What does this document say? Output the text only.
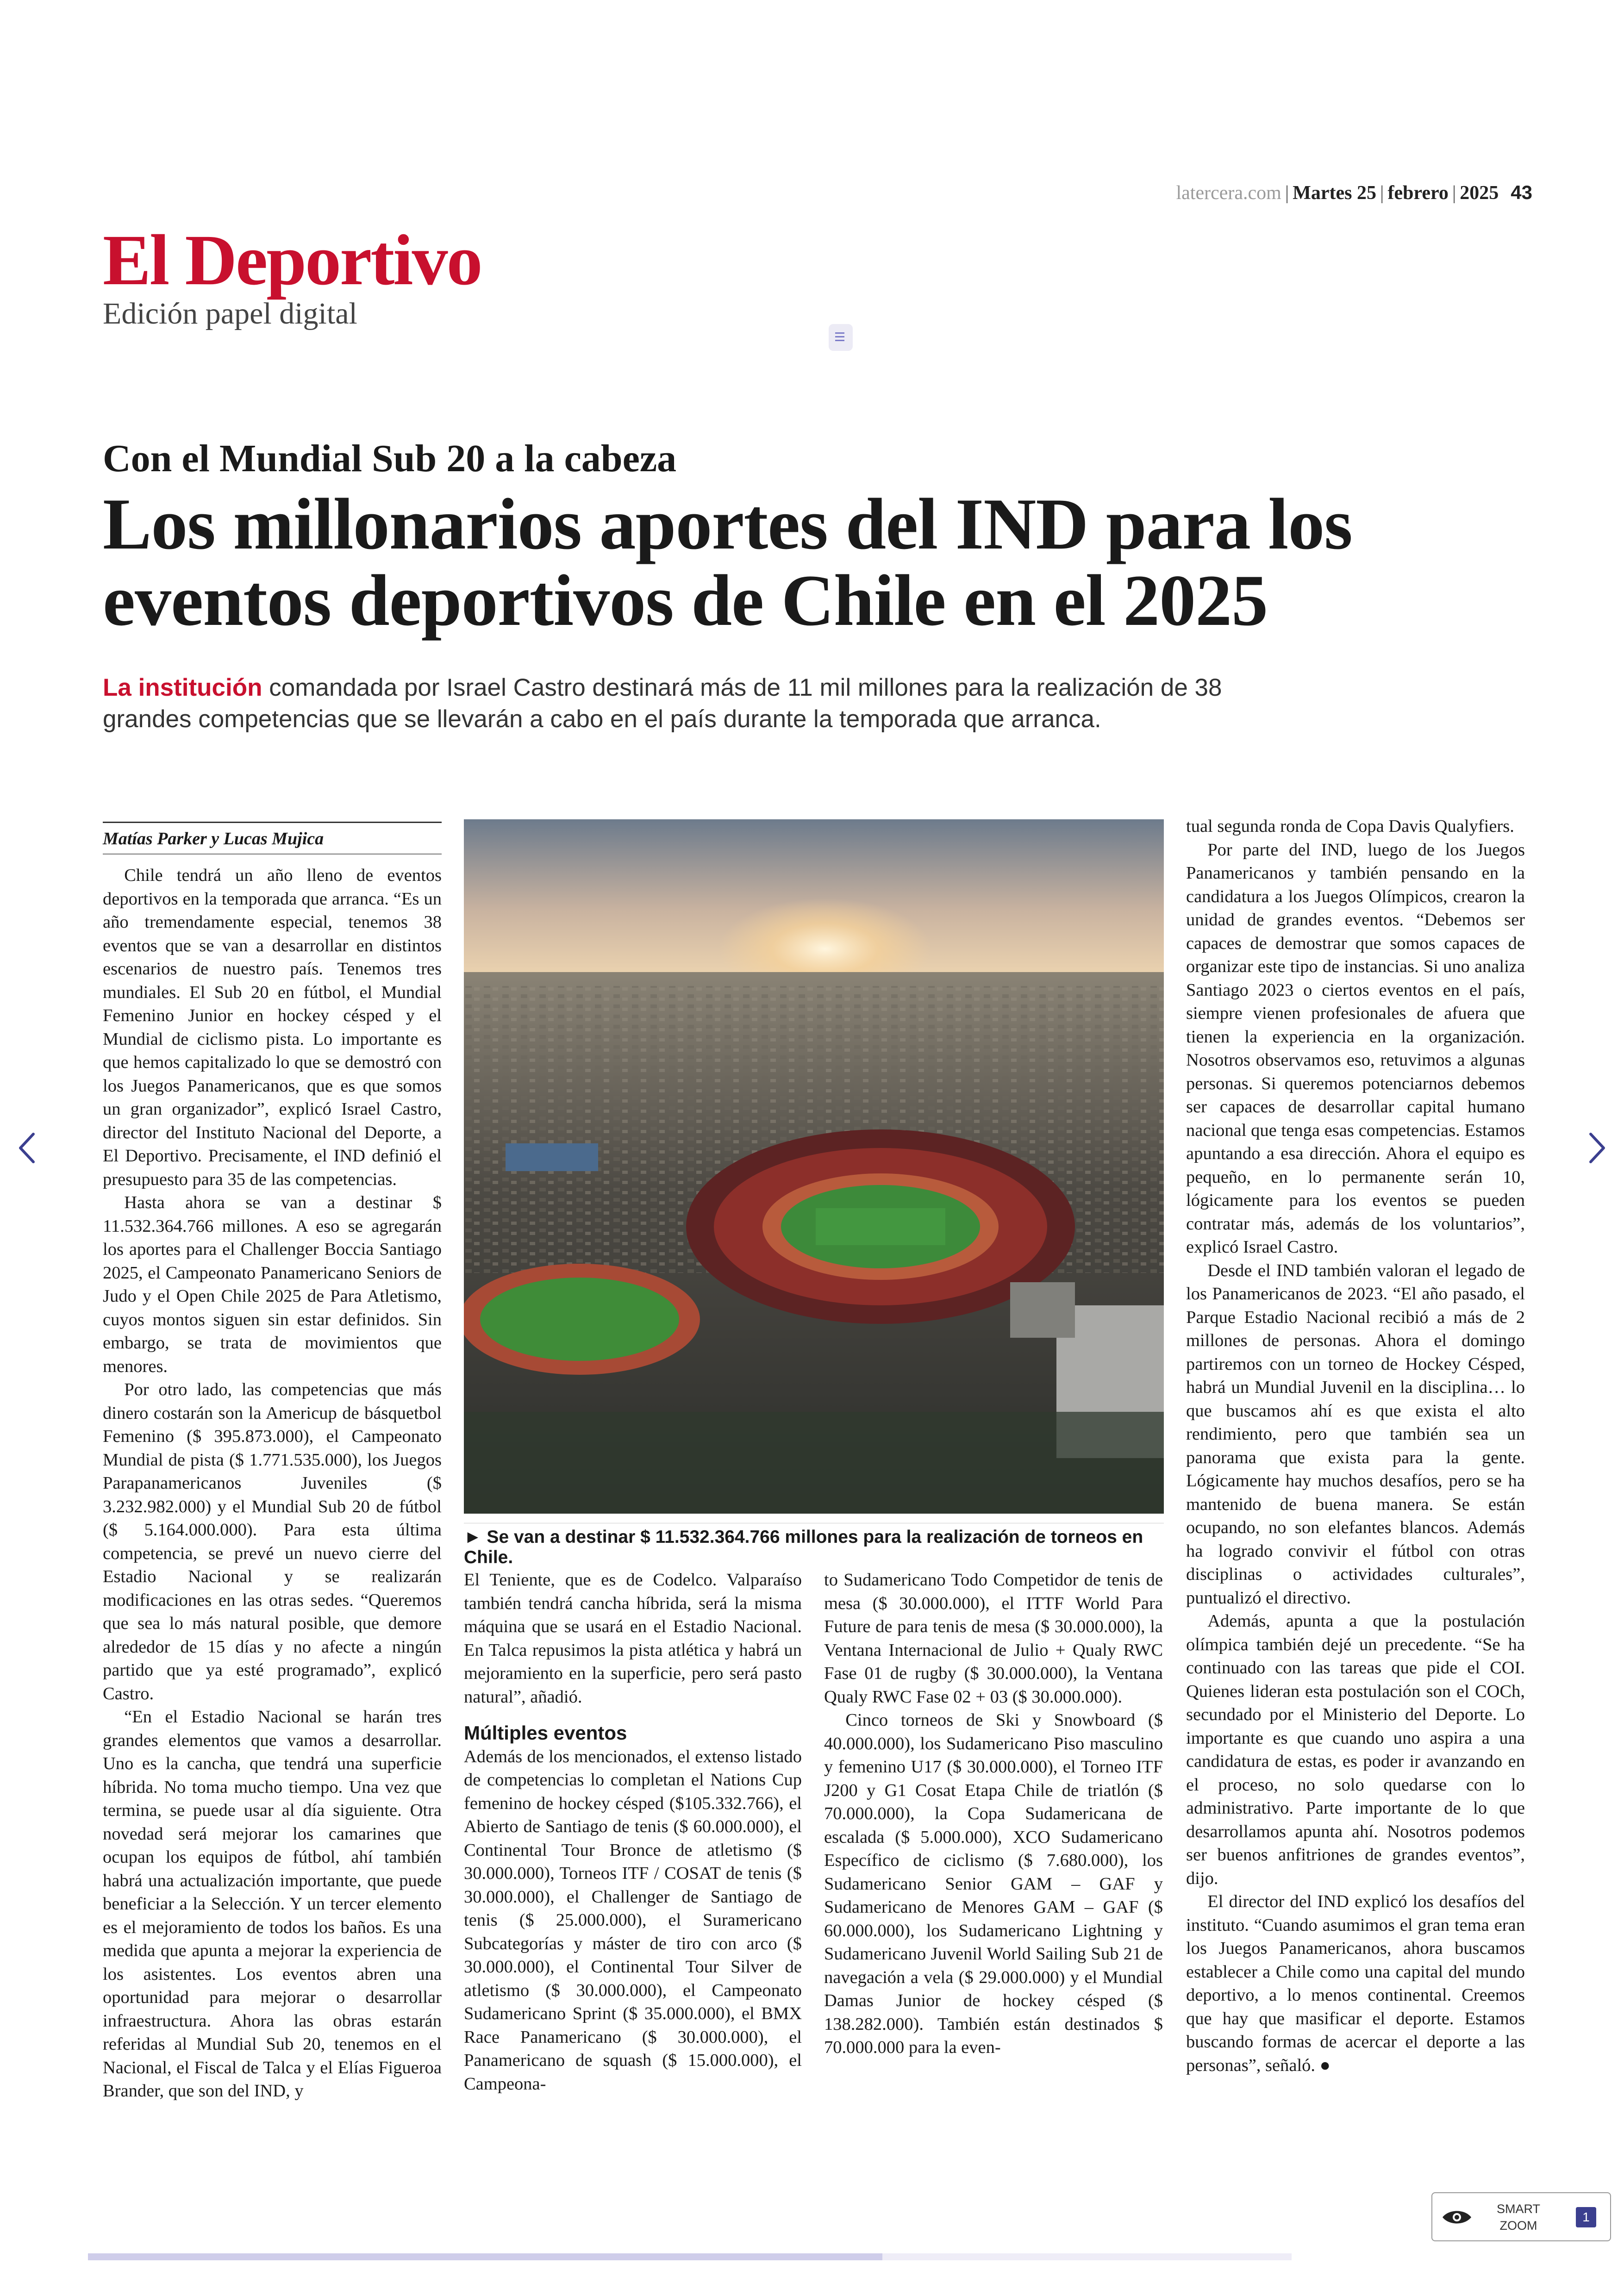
latercera.com | Martes 25 | febrero | 2025 43
El Deportivo
Edición papel digital
Con el Mundial Sub 20 a la cabeza
Los millonarios aportes del IND para los eventos deportivos de Chile en el 2025
La institución comandada por Israel Castro destinará más de 11 mil millones para la realización de 38 grandes competencias que se llevarán a cabo en el país durante la temporada que arranca.
Matías Parker y Lucas Mujica

Chile tendrá un año lleno de eventos deportivos en la temporada que arranca. “Es un año tremendamente especial, tenemos 38 eventos que se van a desarrollar en distintos escenarios de nuestro país. Tenemos tres mundiales. El Sub 20 en fútbol, el Mundial Femenino Junior en hockey césped y el Mundial de ciclismo pista. Lo importante es que hemos capitalizado lo que se demostró con los Juegos Panamericanos, que es que somos un gran organizador”, explicó Israel Castro, director del Instituto Nacional del Deporte, a El Deportivo. Precisamente, el IND definió el presupuesto para 35 de las competencias.

Hasta ahora se van a destinar $ 11.532.364.766 millones. A eso se agregarán los aportes para el Challenger Boccia Santiago 2025, el Campeonato Panamericano Seniors de Judo y el Open Chile 2025 de Para Atletismo, cuyos montos siguen sin estar definidos. Sin embargo, se trata de movimientos que menores.

Por otro lado, las competencias que más dinero costarán son la Americup de básquetbol Femenino ($ 395.873.000), el Campeonato Mundial de pista ($ 1.771.535.000), los Juegos Parapanamericanos Juveniles ($ 3.232.982.000) y el Mundial Sub 20 de fútbol ($ 5.164.000.000). Para esta última competencia, se prevé un nuevo cierre del Estadio Nacional y se realizarán modificaciones en las otras sedes. “Queremos que sea lo más natural posible, que demore alrededor de 15 días y no afecte a ningún partido que ya esté programado”, explicó Castro.

“En el Estadio Nacional se harán tres grandes elementos que vamos a desarrollar. Uno es la cancha, que tendrá una superficie híbrida. No toma mucho tiempo. Una vez que termina, se puede usar al día siguiente. Otra novedad será mejorar los camarines que ocupan los equipos de fútbol, ahí también habrá una actualización importante, que puede beneficiar a la Selección. Y un tercer elemento es el mejoramiento de todos los baños. Es una medida que apunta a mejorar la experiencia de los asistentes. Los eventos abren una oportunidad para mejorar o desarrollar infraestructura. Ahora las obras estarán referidas al Mundial Sub 20, tenemos en el Nacional, el Fiscal de Talca y el Elías Figueroa Brander, que son del IND, y

► Se van a destinar $ 11.532.364.766 millones para la realización de torneos en Chile.

El Teniente, que es de Codelco. Valparaíso también tendrá cancha híbrida, será la misma máquina que se usará en el Estadio Nacional. En Talca repusimos la pista atlética y habrá un mejoramiento en la superficie, pero será pasto natural”, añadió.

Múltiples eventos

Además de los mencionados, el extenso listado de competencias lo completan el Nations Cup femenino de hockey césped ($105.332.766), el Abierto de Santiago de tenis ($ 60.000.000), el Continental Tour Bronce de atletismo ($ 30.000.000), Torneos ITF / COSAT de tenis ($ 30.000.000), el Challenger de Santiago de tenis ($ 25.000.000), el Suramericano Subcategorías y máster de tiro con arco ($ 30.000.000), el Continental Tour Silver de atletismo ($ 30.000.000), el Campeonato Sudamericano Sprint ($ 35.000.000), el BMX Race Panamericano ($ 30.000.000), el Panamericano de squash ($ 15.000.000), el Campeona-

to Sudamericano Todo Competidor de tenis de mesa ($ 30.000.000), el ITTF World Para Future de para tenis de mesa ($ 30.000.000), la Ventana Internacional de Julio + Qualy RWC Fase 01 de rugby ($ 30.000.000), la Ventana Qualy RWC Fase 02 + 03 ($ 30.000.000).

Cinco torneos de Ski y Snowboard ($ 40.000.000), los Sudamericano Piso masculino y femenino U17 ($ 30.000.000), el Torneo ITF J200 y G1 Cosat Etapa Chile de triatlón ($ 70.000.000), la Copa Sudamericana de escalada ($ 5.000.000), XCO Sudamericano Específico de ciclismo ($ 7.680.000), los Sudamericano Senior GAM – GAF y Sudamericano de Menores GAM – GAF ($ 60.000.000), los Sudamericano Lightning y Sudamericano Juvenil World Sailing Sub 21 de navegación a vela ($ 29.000.000) y el Mundial Damas Junior de hockey césped ($ 138.282.000). También están destinados $ 70.000.000 para la even-

tual segunda ronda de Copa Davis Qualyfiers.

Por parte del IND, luego de los Juegos Panamericanos y también pensando en la candidatura a los Juegos Olímpicos, crearon la unidad de grandes eventos. “Debemos ser capaces de demostrar que somos capaces de organizar este tipo de instancias. Si uno analiza Santiago 2023 o ciertos eventos en el país, siempre vienen profesionales de afuera que tienen la experiencia en la organización. Nosotros observamos eso, retuvimos a algunas personas. Si queremos potenciarnos debemos ser capaces de desarrollar capital humano nacional que tenga esas competencias. Estamos apuntando a esa dirección. Ahora el equipo es pequeño, en lo permanente serán 10, lógicamente para los eventos se pueden contratar más, además de los voluntarios”, explicó Israel Castro.

Desde el IND también valoran el legado de los Panamericanos de 2023. “El año pasado, el Parque Estadio Nacional recibió a más de 2 millones de personas. Ahora el domingo partiremos con un torneo de Hockey Césped, habrá un Mundial Juvenil en la disciplina… lo que buscamos ahí es que exista el alto rendimiento, pero que también sea un panorama que exista para la gente. Lógicamente hay muchos desafíos, pero se ha mantenido de buena manera. Se están ocupando, no son elefantes blancos. Además ha logrado convivir el fútbol con otras disciplinas o actividades culturales”, puntualizó el directivo.

Además, apunta a que la postulación olímpica también dejé un precedente. “Se ha continuado con las tareas que pide el COI. Quienes lideran esta postulación son el COCh, secundado por el Ministerio del Deporte. Lo importante es que cuando uno aspira a una candidatura de estas, es poder ir avanzando en el proceso, no solo quedarse con lo administrativo. Parte importante de lo que desarrollamos apunta ahí. Nosotros podemos ser buenos anfitriones de grandes eventos”, dijo.

El director del IND explicó los desafíos del instituto. “Cuando asumimos el gran tema eran los Juegos Panamericanos, ahora buscamos establecer a Chile como una capital del mundo deportivo, a lo menos continental. Creemos que hay que masificar el deporte. Estamos buscando formas de acercar el deporte a las personas”, señaló. ●

SMART ZOOM
1
